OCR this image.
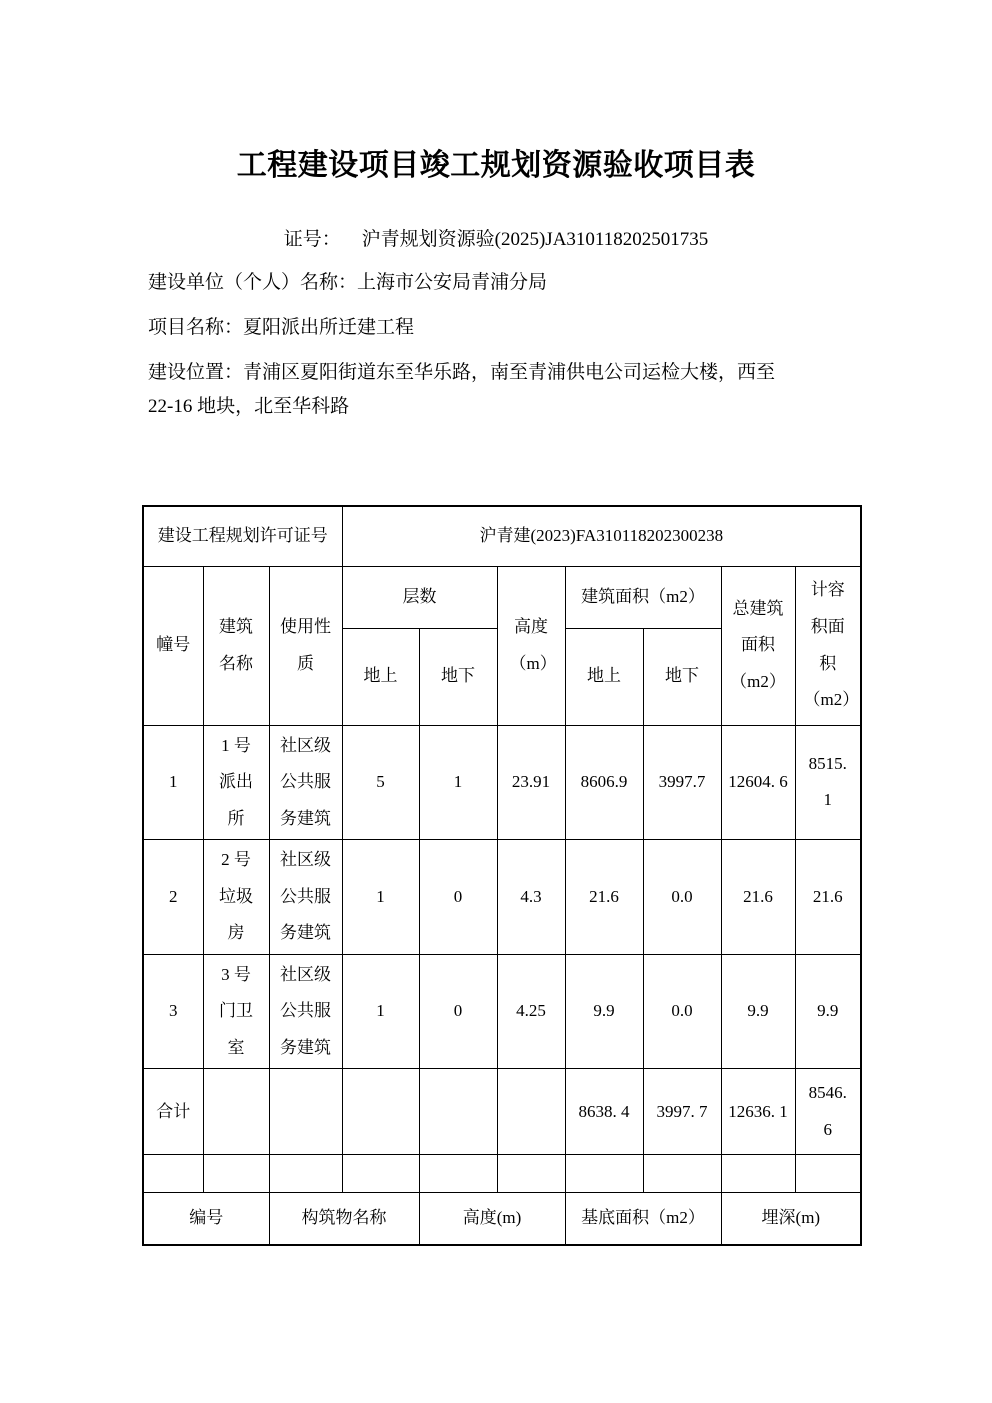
工程建设项目竣工规划资源验收项目表
证号： 沪青规划资源验(2025)JA310118202501735
建设单位（个人）名称：上海市公安局青浦分局
项目名称：夏阳派出所迁建工程
建设位置：青浦区夏阳街道东至华乐路，南至青浦供电公司运检大楼，西至 22-16 地块，北至华科路
建设工程规划许可证号			沪青建(2023)FA310118202300238						
幢号	建筑名称	使用性质	层数		高度（m）	建筑面积（m2）		总建筑面积（m2）	计容积面积（m2）
			地上	地下		地上	地下		
1	1 号派出所	社区级公共服务建筑	5	1	23.91	8606.9	3997.7	12604. 6	8515. 1
2	2 号垃圾房	社区级公共服务建筑	1	0	4.3	21.6	0.0	21.6	21.6
3	3 号门卫室	社区级公共服务建筑	1	0	4.25	9.9	0.0	9.9	9.9
合计						8638. 4	3997. 7	12636. 1	8546. 6

编号		构筑物名称		高度(m)		基底面积（m2）		埋深(m)	
